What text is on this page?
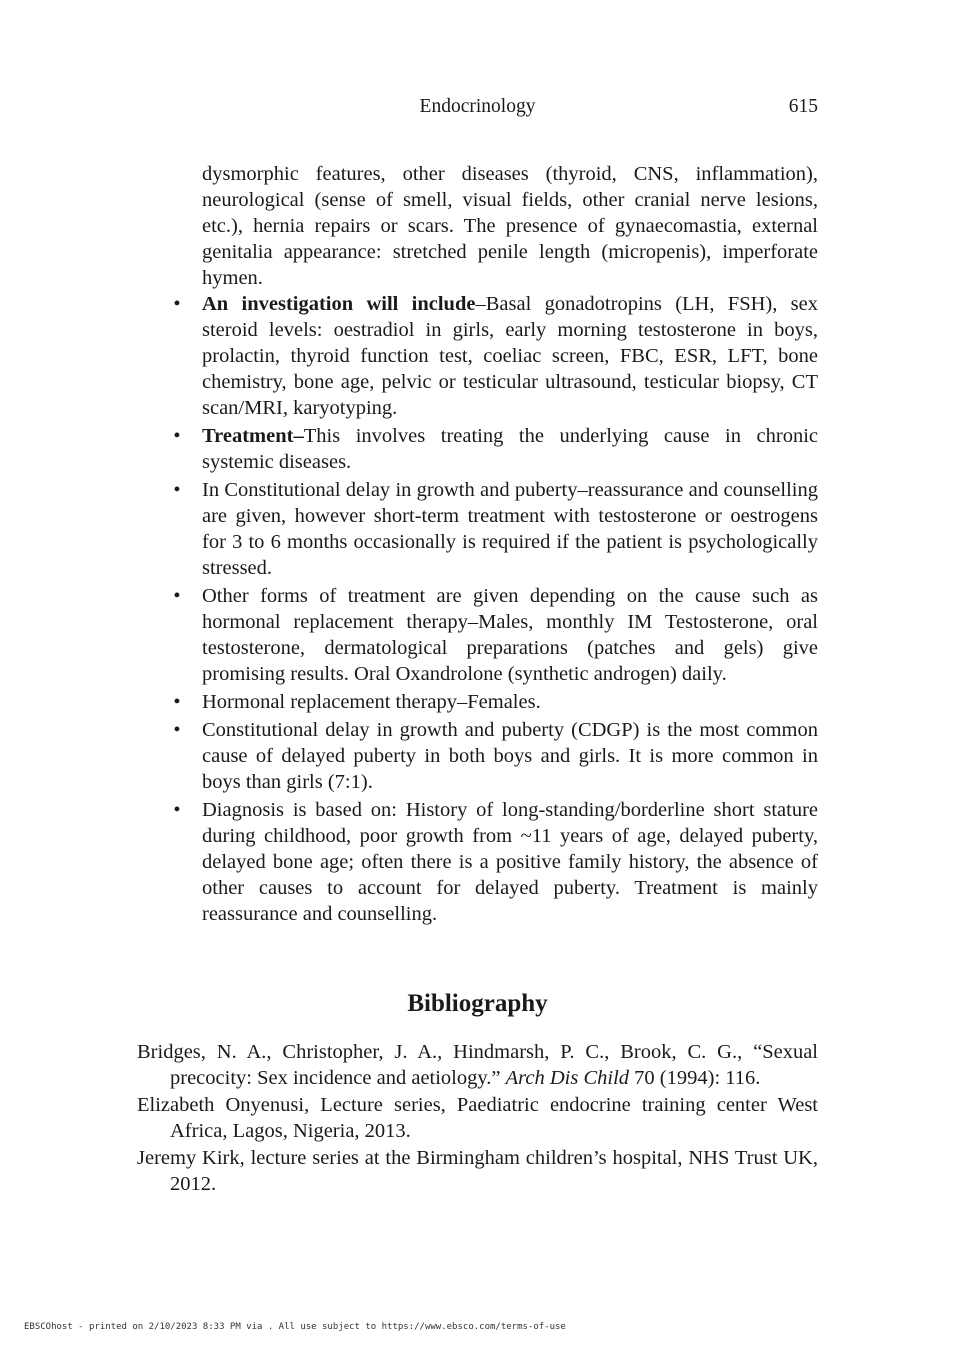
Endocrinology	615

dysmorphic features, other diseases (thyroid, CNS, inflammation), neurological (sense of smell, visual fields, other cranial nerve lesions, etc.), hernia repairs or scars. The presence of gynaecomastia, external genitalia appearance: stretched penile length (micropenis), imperforate hymen.

• An investigation will include–Basal gonadotropins (LH, FSH), sex steroid levels: oestradiol in girls, early morning testosterone in boys, prolactin, thyroid function test, coeliac screen, FBC, ESR, LFT, bone chemistry, bone age, pelvic or testicular ultrasound, testicular biopsy, CT scan/MRI, karyotyping.
• Treatment–This involves treating the underlying cause in chronic systemic diseases.
• In Constitutional delay in growth and puberty–reassurance and counselling are given, however short-term treatment with testosterone or oestrogens for 3 to 6 months occasionally is required if the patient is psychologically stressed.
• Other forms of treatment are given depending on the cause such as hormonal replacement therapy–Males, monthly IM Testosterone, oral testosterone, dermatological preparations (patches and gels) give promising results. Oral Oxandrolone (synthetic androgen) daily.
• Hormonal replacement therapy–Females.
• Constitutional delay in growth and puberty (CDGP) is the most common cause of delayed puberty in both boys and girls. It is more common in boys than girls (7:1).
• Diagnosis is based on: History of long-standing/borderline short stature during childhood, poor growth from ~11 years of age, delayed puberty, delayed bone age; often there is a positive family history, the absence of other causes to account for delayed puberty. Treatment is mainly reassurance and counselling.
Bibliography
Bridges, N. A., Christopher, J. A., Hindmarsh, P. C., Brook, C. G., “Sexual precocity: Sex incidence and aetiology.” Arch Dis Child 70 (1994): 116.
Elizabeth Onyenusi, Lecture series, Paediatric endocrine training center West Africa, Lagos, Nigeria, 2013.
Jeremy Kirk, lecture series at the Birmingham children’s hospital, NHS Trust UK, 2012.
EBSCOhost - printed on 2/10/2023 8:33 PM via . All use subject to https://www.ebsco.com/terms-of-use
